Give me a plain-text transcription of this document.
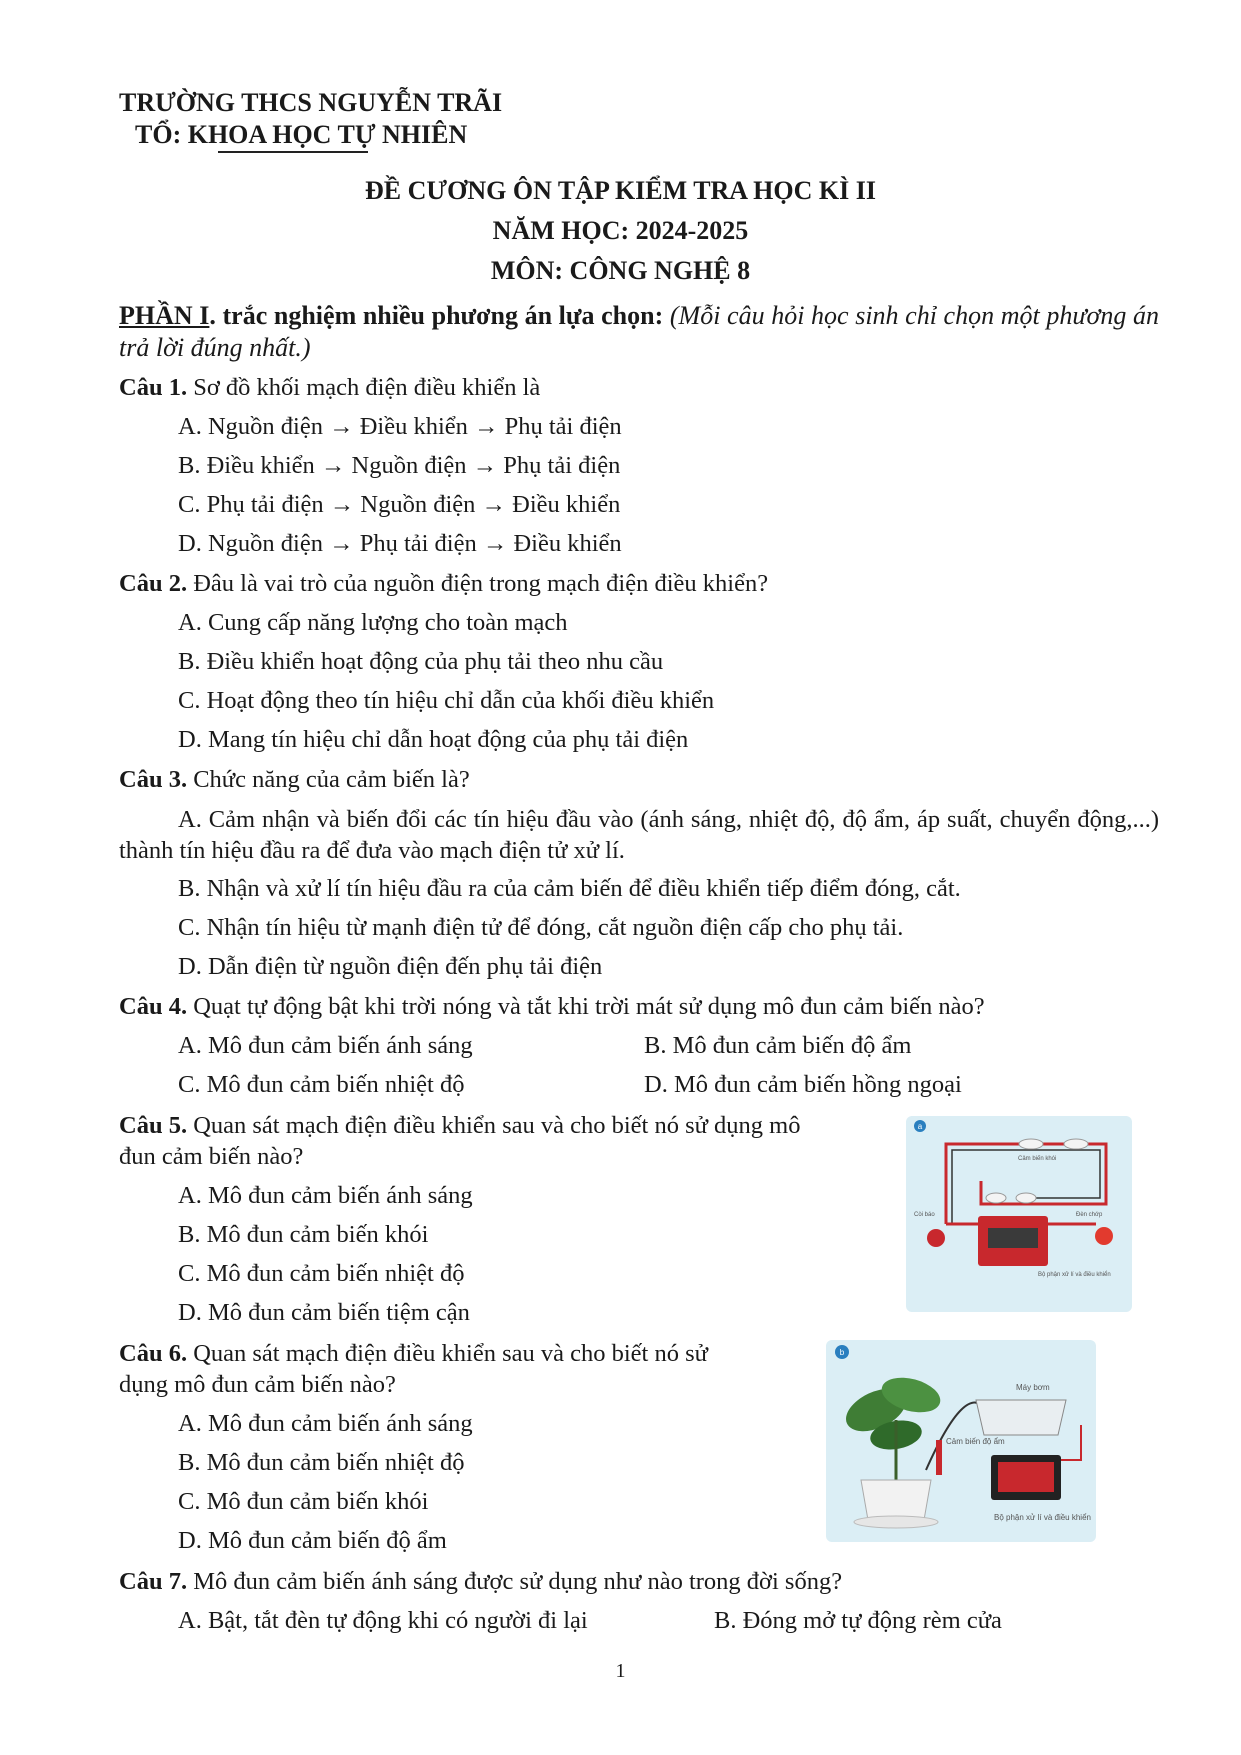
TRƯỜNG THCS NGUYỄN TRÃI
TỔ: KHOA HỌC TỰ NHIÊN
ĐỀ CƯƠNG ÔN TẬP KIỂM TRA HỌC KÌ II
NĂM HỌC: 2024-2025
MÔN: CÔNG NGHỆ 8
PHẦN I. trắc nghiệm nhiều phương án lựa chọn: (Mỗi câu hỏi học sinh chỉ chọn một phương án trả lời đúng nhất.)
Câu 1. Sơ đồ khối mạch điện điều khiển là
A. Nguồn điện → Điều khiển → Phụ tải điện
B. Điều khiển → Nguồn điện → Phụ tải điện
C. Phụ tải điện → Nguồn điện → Điều khiển
D. Nguồn điện → Phụ tải điện → Điều khiển
Câu 2. Đâu là vai trò của nguồn điện trong mạch điện điều khiển?
A. Cung cấp năng lượng cho toàn mạch
B. Điều khiển hoạt động của phụ tải theo nhu cầu
C. Hoạt động theo tín hiệu chỉ dẫn của khối điều khiển
D. Mang tín hiệu chỉ dẫn hoạt động của phụ tải điện
Câu 3. Chức năng của cảm biến là?
A. Cảm nhận và biến đổi các tín hiệu đầu vào (ánh sáng, nhiệt độ, độ ẩm, áp suất, chuyển động,...) thành tín hiệu đầu ra để đưa vào mạch điện tử xử lí.
B. Nhận và xử lí tín hiệu đầu ra của cảm biến để điều khiển tiếp điểm đóng, cắt.
C. Nhận tín hiệu từ mạnh điện tử để đóng, cắt nguồn điện cấp cho phụ tải.
D. Dẫn điện từ nguồn điện đến phụ tải điện
Câu 4. Quạt tự động bật khi trời nóng và tắt khi trời mát sử dụng mô đun cảm biến nào?
A. Mô đun cảm biến ánh sáng	B. Mô đun cảm biến độ ẩm
C. Mô đun cảm biến nhiệt độ	D. Mô đun cảm biến hồng ngoại
Câu 5. Quan sát mạch điện điều khiển sau và cho biết nó sử dụng mô
đun cảm biến nào?
A. Mô đun cảm biến ánh sáng
B. Mô đun cảm biến khói
C. Mô đun cảm biến nhiệt độ
D. Mô đun cảm biến tiệm cận
a
Cảm biến khói
Còi báo	Đèn chớp
Bộ phận xử lí và điều khiển
Câu 6. Quan sát mạch điện điều khiển sau và cho biết nó sử
dụng mô đun cảm biến nào?
A. Mô đun cảm biến ánh sáng
B. Mô đun cảm biến nhiệt độ
C. Mô đun cảm biến khói
D. Mô đun cảm biến độ ẩm
b
Máy bơm
Cảm biến độ ẩm
Bộ phận xử lí và điều khiển
Câu 7. Mô đun cảm biến ánh sáng được sử dụng như nào trong đời sống?
A. Bật, tắt đèn tự động khi có người đi lại	B. Đóng mở tự động rèm cửa
1
